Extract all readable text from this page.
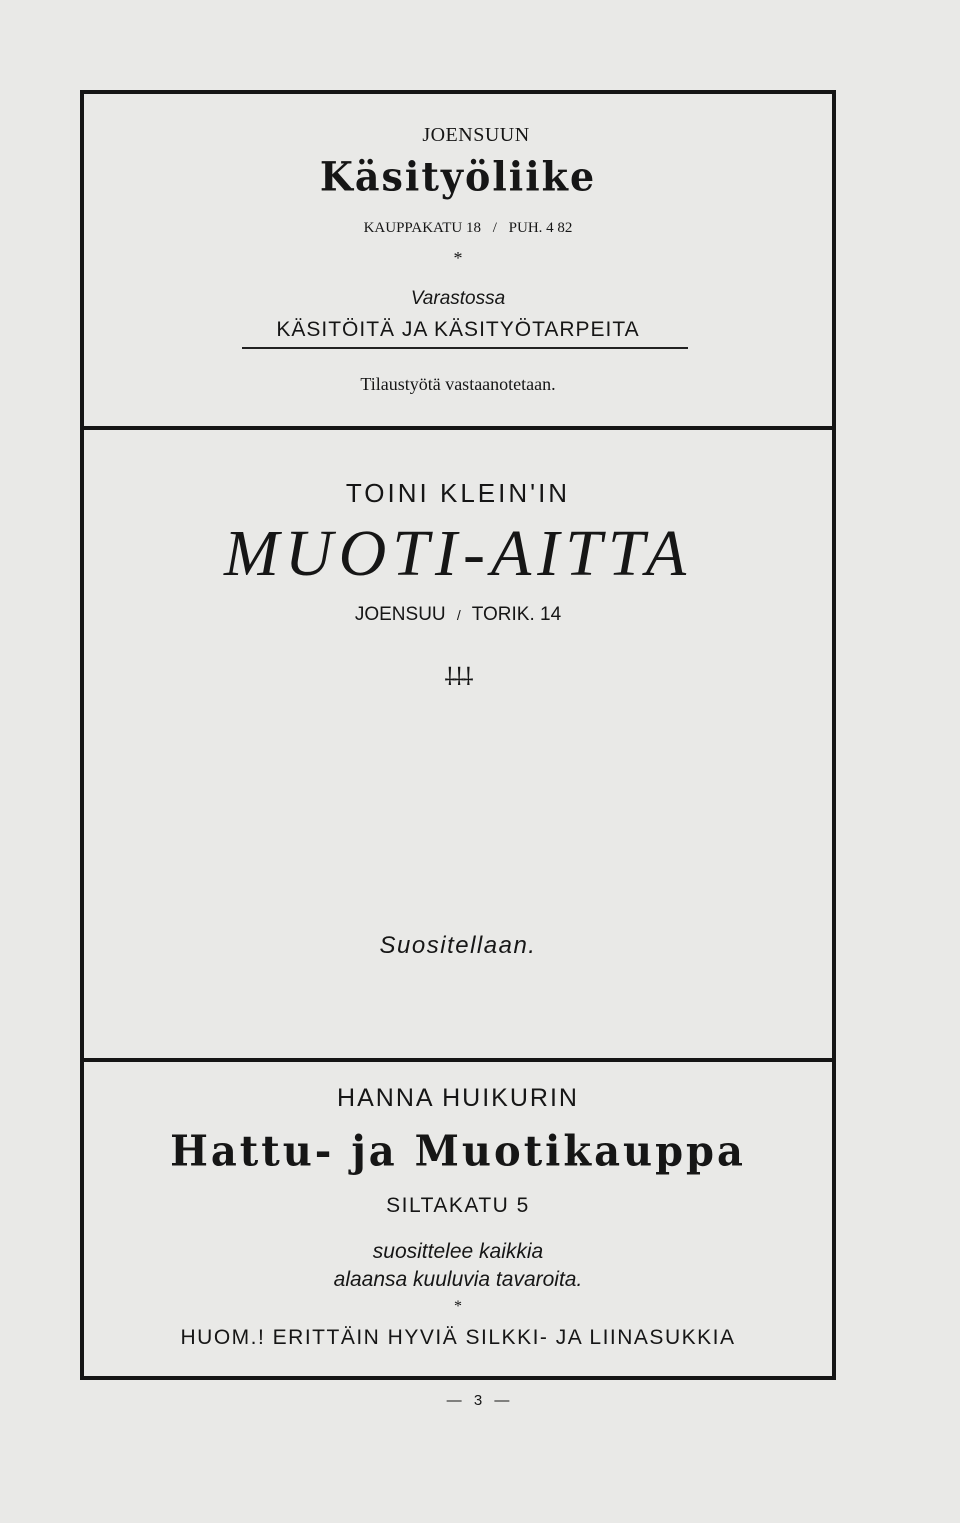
JOENSUUN
Käsityöliike
KAUPPAKATU 18 / PUH. 4 82
*
Varastossa
KÄSITÖITÄ JA KÄSITYÖTARPEITA
Tilaustyötä vastaanotetaan.
TOINI KLEIN'IN
MUOTI-AITTA
JOENSUU / TORIK. 14
⸸⸸⸸
Suositellaan.
HANNA HUIKURIN
Hattu- ja Muotikauppa
SILTAKATU 5
suosittelee kaikkia
alaansa kuuluvia tavaroita.
*
HUOM.! ERITTÄIN HYVIÄ SILKKI- JA LIINASUKKIA
— 3 —
